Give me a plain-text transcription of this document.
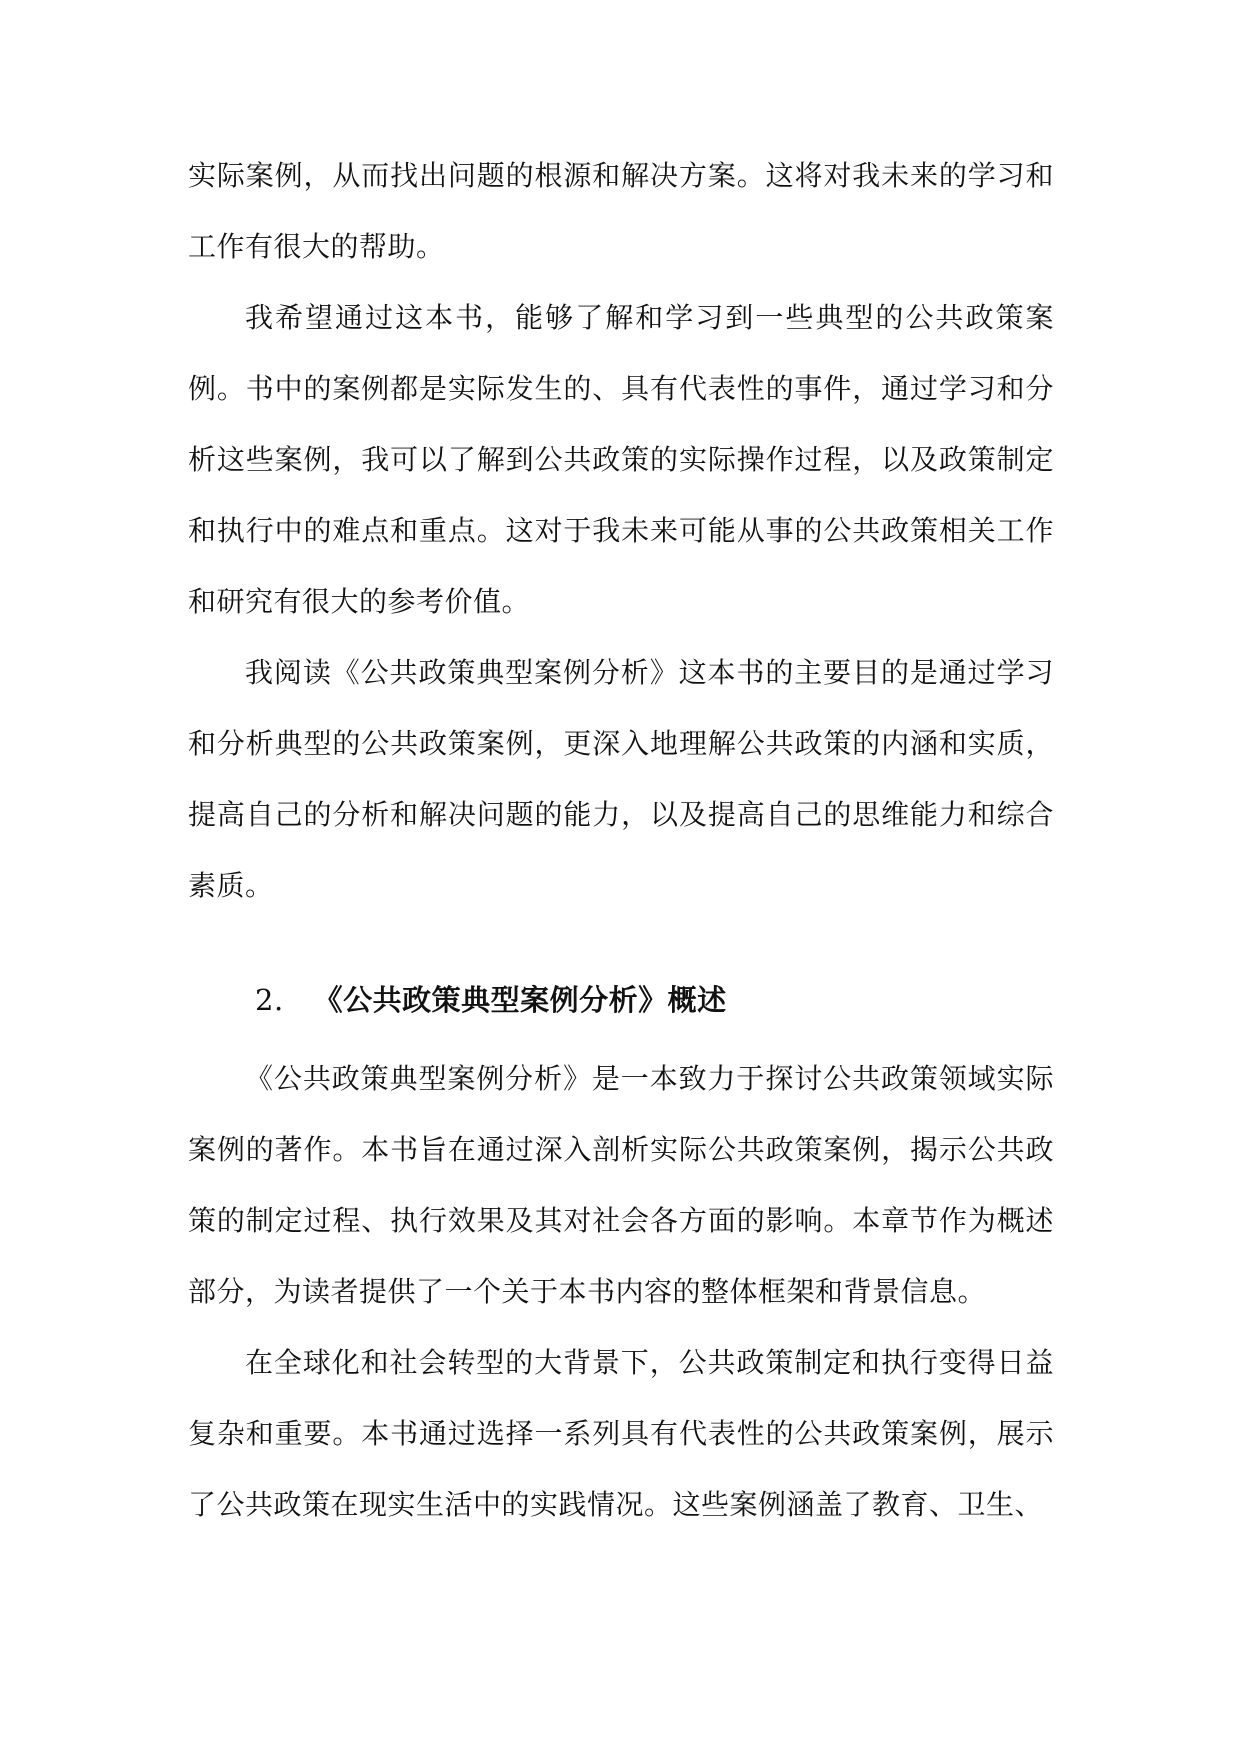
实际案例，从而找出问题的根源和解决方案。这将对我未来的学习和工作有很大的帮助。

我希望通过这本书，能够了解和学习到一些典型的公共政策案例。书中的案例都是实际发生的、具有代表性的事件，通过学习和分析这些案例，我可以了解到公共政策的实际操作过程，以及政策制定和执行中的难点和重点。这对于我未来可能从事的公共政策相关工作和研究有很大的参考价值。

我阅读《公共政策典型案例分析》这本书的主要目的是通过学习和分析典型的公共政策案例，更深入地理解公共政策的内涵和实质，提高自己的分析和解决问题的能力，以及提高自己的思维能力和综合素质。

2. 《公共政策典型案例分析》概述

《公共政策典型案例分析》是一本致力于探讨公共政策领域实际案例的著作。本书旨在通过深入剖析实际公共政策案例，揭示公共政策的制定过程、执行效果及其对社会各方面的影响。本章节作为概述部分，为读者提供了一个关于本书内容的整体框架和背景信息。

在全球化和社会转型的大背景下，公共政策制定和执行变得日益复杂和重要。本书通过选择一系列具有代表性的公共政策案例，展示了公共政策在现实生活中的实践情况。这些案例涵盖了教育、卫生、
